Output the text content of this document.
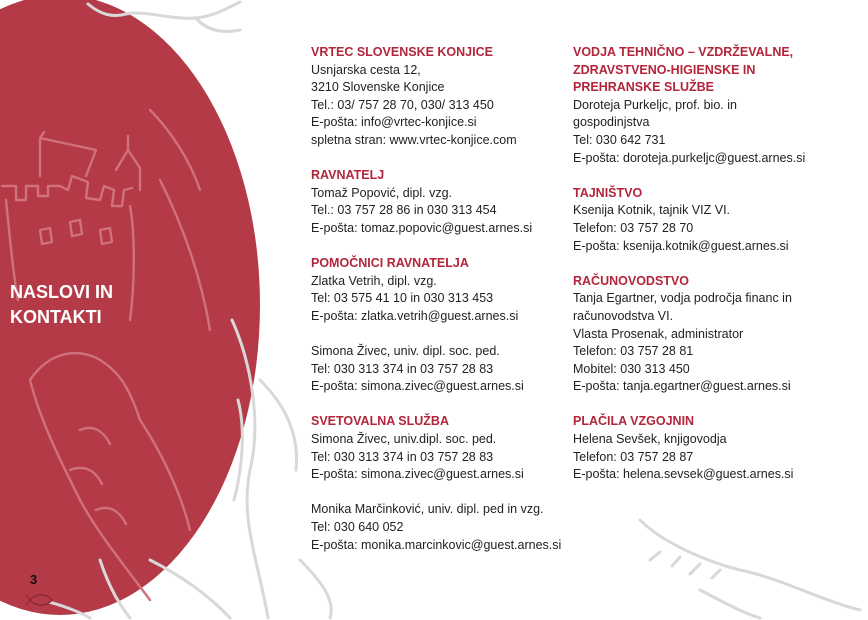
NASLOVI IN
KONTAKTI
3
VRTEC SLOVENSKE KONJICE
Usnjarska cesta 12,
3210 Slovenske Konjice
Tel.: 03/ 757 28 70, 030/ 313 450
E-pošta: info@vrtec-konjice.si
spletna stran: www.vrtec-konjice.com
RAVNATELJ
Tomaž Popović, dipl. vzg.
Tel.: 03 757 28 86 in 030 313 454
E-pošta: tomaz.popovic@guest.arnes.si
POMOČNICI RAVNATELJA
Zlatka Vetrih, dipl. vzg.
Tel: 03 575 41 10 in 030 313 453
E-pošta: zlatka.vetrih@guest.arnes.si
Simona Živec, univ. dipl. soc. ped.
Tel: 030 313 374 in 03 757 28 83
E-pošta: simona.zivec@guest.arnes.si
SVETOVALNA SLUŽBA
Simona Živec, univ.dipl. soc. ped.
Tel: 030 313 374 in 03 757 28 83
E-pošta: simona.zivec@guest.arnes.si
Monika Marčinković, univ. dipl. ped in vzg.
Tel: 030 640 052
E-pošta: monika.marcinkovic@guest.arnes.si
VODJA TEHNIČNO – VZDRŽEVALNE,
ZDRAVSTVENO-HIGIENSKE IN
PREHRANSKE SLUŽBE
Doroteja Purkeljc, prof. bio. in
gospodinjstva
Tel: 030 642 731
E-pošta: doroteja.purkeljc@guest.arnes.si
TAJNIŠTVO
Ksenija Kotnik, tajnik VIZ VI.
Telefon: 03 757 28 70
E-pošta: ksenija.kotnik@guest.arnes.si
RAČUNOVODSTVO
Tanja Egartner, vodja področja financ in
računovodstva VI.
Vlasta Prosenak, administrator
Telefon: 03 757 28 81
Mobitel: 030 313 450
E-pošta: tanja.egartner@guest.arnes.si
PLAČILA VZGOJNIN
Helena Sevšek, knjigovodja
Telefon: 03 757 28 87
E-pošta: helena.sevsek@guest.arnes.si
